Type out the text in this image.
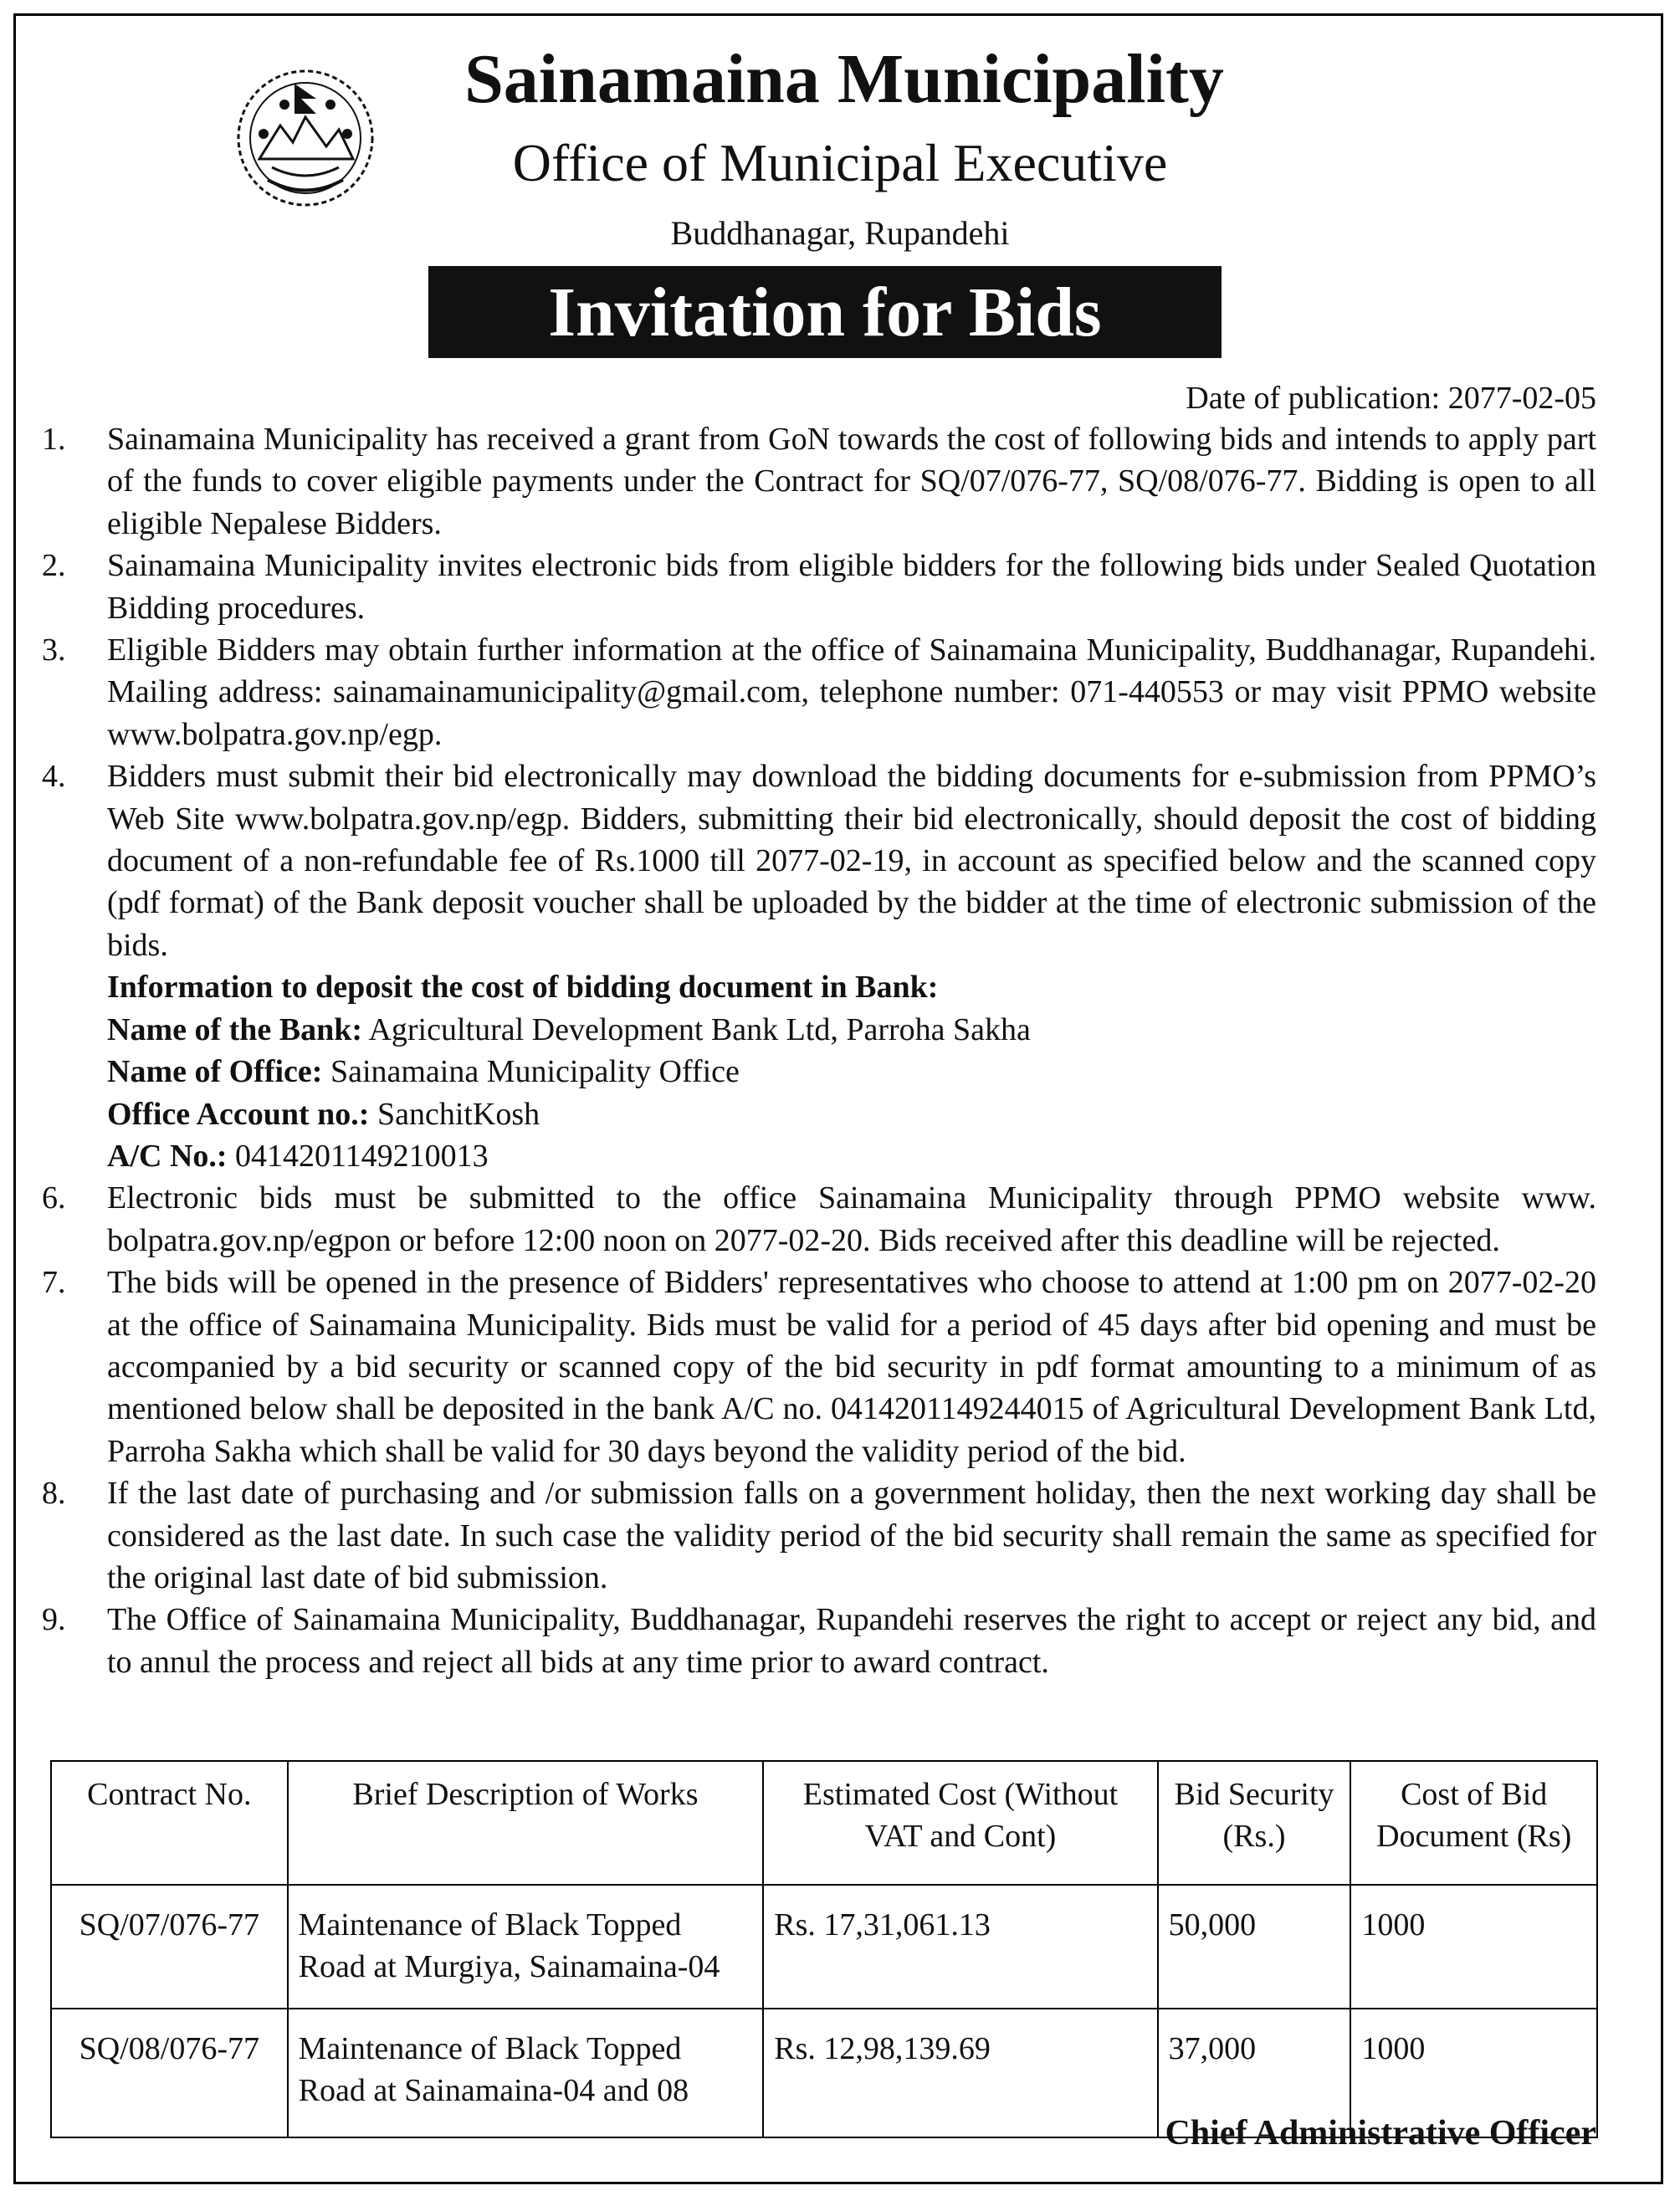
Sainamaina Municipality
Office of Municipal Executive
Buddhanagar, Rupandehi
Invitation for Bids
Date of publication: 2077-02-05
1.	Sainamaina Municipality has received a grant from GoN towards the cost of following bids and intends to apply part of the funds to cover eligible payments under the Contract for SQ/07/076-77, SQ/08/076-77. Bidding is open to all eligible Nepalese Bidders.
2.	Sainamaina Municipality invites electronic bids from eligible bidders for the following bids under Sealed Quotation Bidding procedures.
3.	Eligible Bidders may obtain further information at the office of Sainamaina Municipality, Buddhanagar, Rupandehi. Mailing address: sainamainamunicipality@gmail.com, telephone number: 071-440553 or may visit PPMO website www.bolpatra.gov.np/egp.
4.	Bidders must submit their bid electronically may download the bidding documents for e-submission from PPMO’s Web Site www.bolpatra.gov.np/egp. Bidders, submitting their bid electronically, should deposit the cost of bidding document of a non-refundable fee of Rs.1000 till 2077-02-19, in account as specified below and the scanned copy (pdf format) of the Bank deposit voucher shall be uploaded by the bidder at the time of electronic submission of the bids.
Information to deposit the cost of bidding document in Bank:
Name of the Bank: Agricultural Development Bank Ltd, Parroha Sakha
Name of Office: Sainamaina Municipality Office
Office Account no.: SanchitKosh
A/C No.: 0414201149210013
6.	Electronic bids must be submitted to the office Sainamaina Municipality through PPMO website www. bolpatra.gov.np/egpon or before 12:00 noon on 2077-02-20. Bids received after this deadline will be rejected.
7.	The bids will be opened in the presence of Bidders' representatives who choose to attend at 1:00 pm on 2077-02-20 at the office of Sainamaina Municipality. Bids must be valid for a period of 45 days after bid opening and must be accompanied by a bid security or scanned copy of the bid security in pdf format amounting to a minimum of as mentioned below shall be deposited in the bank A/C no. 0414201149244015 of Agricultural Development Bank Ltd, Parroha Sakha which shall be valid for 30 days beyond the validity period of the bid.
8.	If the last date of purchasing and /or submission falls on a government holiday, then the next working day shall be considered as the last date. In such case the validity period of the bid security shall remain the same as specified for the original last date of bid submission.
9.	The Office of Sainamaina Municipality, Buddhanagar, Rupandehi reserves the right to accept or reject any bid, and to annul the process and reject all bids at any time prior to award contract.
Contract No.	Brief Description of Works	Estimated Cost (Without VAT and Cont)	Bid Security (Rs.)	Cost of Bid Document (Rs)
SQ/07/076-77	Maintenance of Black Topped Road at Murgiya, Sainamaina-04	Rs. 17,31,061.13	50,000	1000
SQ/08/076-77	Maintenance of Black Topped Road at Sainamaina-04 and 08	Rs. 12,98,139.69	37,000	1000
Chief Administrative Officer
